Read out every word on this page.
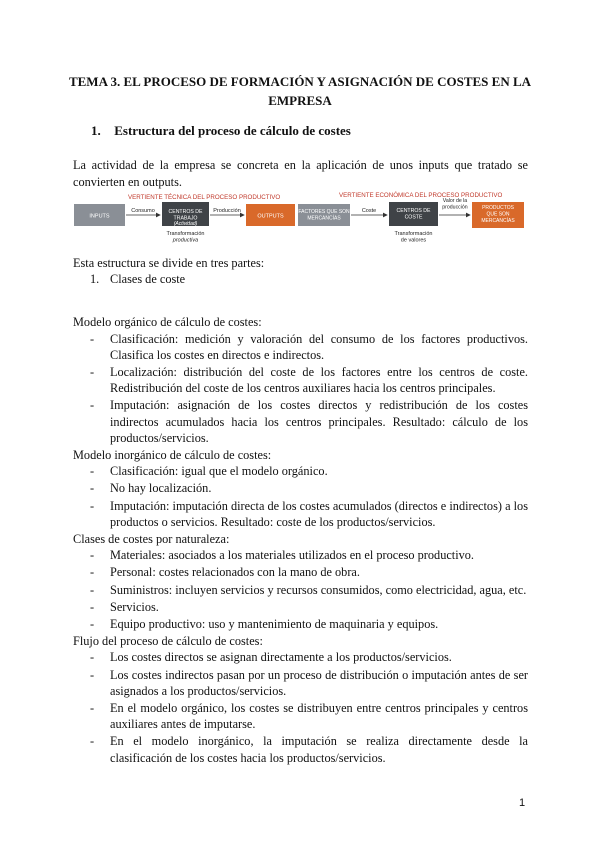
TEMA 3. EL PROCESO DE FORMACIÓN Y ASIGNACIÓN DE COSTES EN LA EMPRESA
1. Estructura del proceso de cálculo de costes
La actividad de la empresa se concreta en la aplicación de unos inputs que tratado se convierten en outputs.
VERTIENTE TÉCNICA DEL PROCESO PRODUCTIVO
INPUTS
Consumo	CENTROS DE TRABAJO
(Actividad)
Producción
OUTPUTS
Transformación productiva
VERTIENTE ECONÓMICA DEL PROCESO PRODUCTIVO
FACTORES QUE SON MERCANCÍAS
Coste	CENTROS DE COSTE
Valor de la producción	PRODUCTOS QUE SON MERCANCÍAS
Transformación de valores

Esta estructura se divide en tres partes:

1. Clases de coste

Modelo orgánico de cálculo de costes:

-	Clasificación: medición y valoración del consumo de los factores productivos. Clasifica los costes en directos e indirectos.
-	Localización: distribución del coste de los factores entre los centros de coste. Redistribución del coste de los centros auxiliares hacia los centros principales.
-	Imputación: asignación de los costes directos y redistribución de los costes indirectos acumulados hacia los centros principales. Resultado: cálculo de los productos/servicios.

Modelo inorgánico de cálculo de costes:

-	Clasificación: igual que el modelo orgánico.
-	No hay localización.
-	Imputación: imputación directa de los costes acumulados (directos e indirectos) a los productos o servicios. Resultado: coste de los productos/servicios.

Clases de costes por naturaleza:

-	Materiales: asociados a los materiales utilizados en el proceso productivo.
-	Personal: costes relacionados con la mano de obra.
-	Suministros: incluyen servicios y recursos consumidos, como electricidad, agua, etc.
-	Servicios.
-	Equipo productivo: uso y mantenimiento de maquinaria y equipos.

Flujo del proceso de cálculo de costes:

-	Los costes directos se asignan directamente a los productos/servicios.
-	Los costes indirectos pasan por un proceso de distribución o imputación antes de ser asignados a los productos/servicios.
-	En el modelo orgánico, los costes se distribuyen entre centros principales y centros auxiliares antes de imputarse.
-	En el modelo inorgánico, la imputación se realiza directamente desde la clasificación de los costes hacia los productos/servicios.
1
